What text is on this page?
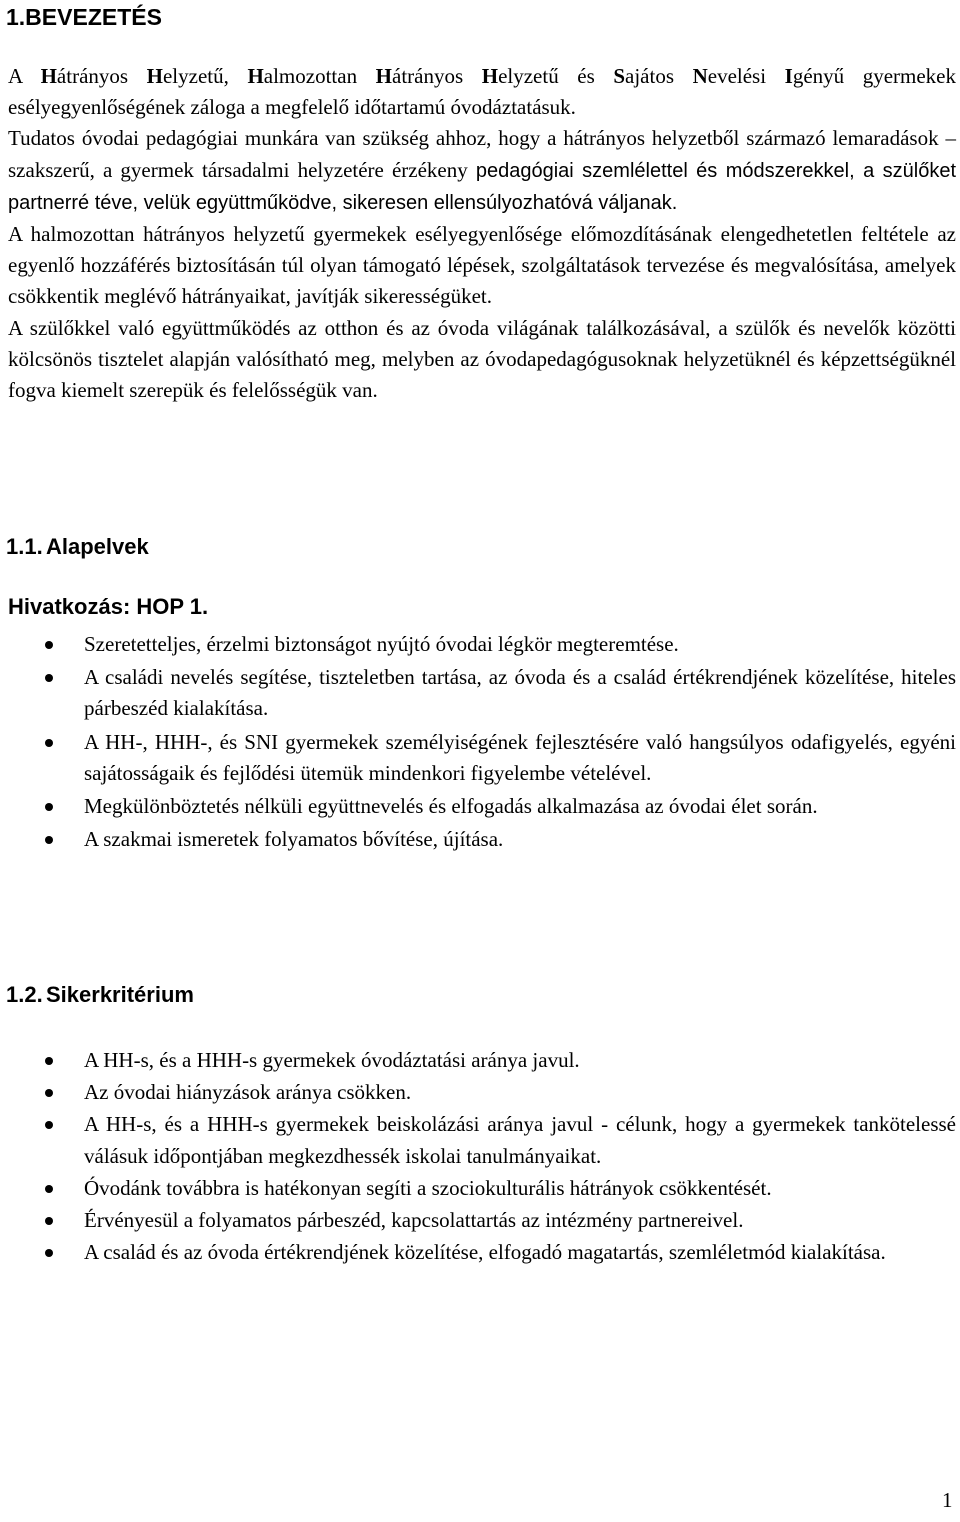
1.BEVEZETÉS
A Hátrányos Helyzetű, Halmozottan Hátrányos Helyzetű és Sajátos Nevelési Igényű gyermekek esélyegyenlőségének záloga a megfelelő időtartamú óvodáztatásuk.
Tudatos óvodai pedagógiai munkára van szükség ahhoz, hogy a hátrányos helyzetből származó lemaradások – szakszerű, a gyermek társadalmi helyzetére érzékeny pedagógiai szemlélettel és módszerekkel, a szülőket partnerré téve, velük együttműködve, sikeresen ellensúlyozhatóvá váljanak.
A halmozottan hátrányos helyzetű gyermekek esélyegyenlősége előmozdításának elengedhetetlen feltétele az egyenlő hozzáférés biztosításán túl olyan támogató lépések, szolgáltatások tervezése és megvalósítása, amelyek csökkentik meglévő hátrányaikat, javítják sikerességüket.
A szülőkkel való együttműködés az otthon és az óvoda világának találkozásával, a szülők és nevelők közötti kölcsönös tisztelet alapján valósítható meg, melyben az óvodapedagógusoknak helyzetüknél és képzettségüknél fogva kiemelt szerepük és felelősségük van.
1.1. Alapelvek
Hivatkozás: HOP 1.
Szeretetteljes, érzelmi biztonságot nyújtó óvodai légkör megteremtése.
A családi nevelés segítése, tiszteletben tartása, az óvoda és a család értékrendjének közelítése, hiteles párbeszéd kialakítása.
A HH-, HHH-, és SNI gyermekek személyiségének fejlesztésére való hangsúlyos odafigyelés, egyéni sajátosságaik és fejlődési ütemük mindenkori figyelembe vételével.
Megkülönböztetés nélküli együttnevelés és elfogadás alkalmazása az óvodai élet során.
A szakmai ismeretek folyamatos bővítése, újítása.
1.2. Sikerkritérium
A HH-s, és a HHH-s gyermekek óvodáztatási aránya javul.
Az óvodai hiányzások aránya csökken.
A HH-s, és a HHH-s gyermekek beiskolázási aránya javul - célunk, hogy a gyermekek tankötelessé válásuk időpontjában megkezdhessék iskolai tanulmányaikat.
Óvodánk továbbra is hatékonyan segíti a szociokulturális hátrányok csökkentését.
Érvényesül a folyamatos párbeszéd, kapcsolattartás az intézmény partnereivel.
A család és az óvoda értékrendjének közelítése, elfogadó magatartás, szemléletmód kialakítása.
1
